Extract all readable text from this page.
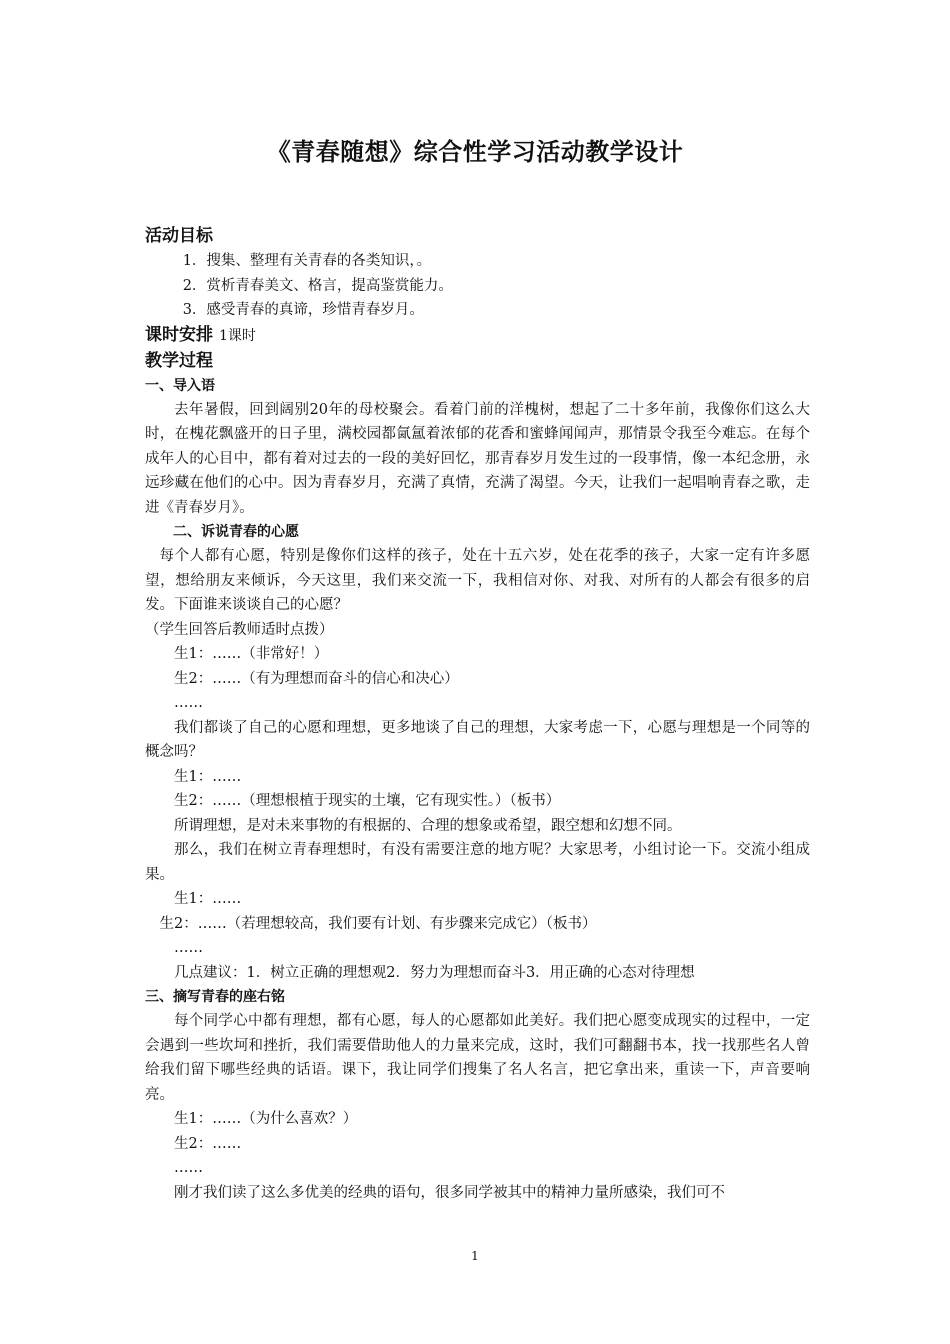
《青春随想》综合性学习活动教学设计
活动目标
1．搜集、整理有关青春的各类知识，。
2．赏析青春美文、格言，提高鉴赏能力。
3．感受青春的真谛，珍惜青春岁月。
课时安排 1课时
教学过程
一、导入语
去年暑假，回到阔别20年的母校聚会。看着门前的洋槐树，想起了二十多年前，我像你们这么大时，在槐花飘盛开的日子里，满校园都氤氲着浓郁的花香和蜜蜂闻闻声，那情景令我至今难忘。在每个成年人的心目中，都有着对过去的一段的美好回忆，那青春岁月发生过的一段事情，像一本纪念册，永远珍藏在他们的心中。因为青春岁月，充满了真情，充满了渴望。今天，让我们一起唱响青春之歌，走进《青春岁月》。
二、诉说青春的心愿
每个人都有心愿，特别是像你们这样的孩子，处在十五六岁，处在花季的孩子，大家一定有许多愿望，想给朋友来倾诉，今天这里，我们来交流一下，我相信对你、对我、对所有的人都会有很多的启发。下面谁来谈谈自己的心愿？
（学生回答后教师适时点拨）
生1：……（非常好！）
生2：……（有为理想而奋斗的信心和决心）
……
我们都谈了自己的心愿和理想，更多地谈了自己的理想，大家考虑一下，心愿与理想是一个同等的概念吗？
生1：……
生2：……（理想根植于现实的土壤，它有现实性。）（板书）
所谓理想，是对未来事物的有根据的、合理的想象或希望，跟空想和幻想不同。
那么，我们在树立青春理想时，有没有需要注意的地方呢？大家思考，小组讨论一下。交流小组成果。
生1：……
生2：……（若理想较高，我们要有计划、有步骤来完成它）（板书）
……
几点建议：1．树立正确的理想观2．努力为理想而奋斗3．用正确的心态对待理想
三、摘写青春的座右铭
每个同学心中都有理想，都有心愿，每人的心愿都如此美好。我们把心愿变成现实的过程中，一定会遇到一些坎坷和挫折，我们需要借助他人的力量来完成，这时，我们可翻翻书本，找一找那些名人曾给我们留下哪些经典的话语。课下，我让同学们搜集了名人名言，把它拿出来，重读一下，声音要响亮。
生1：……（为什么喜欢？）
生2：……
……
刚才我们读了这么多优美的经典的语句，很多同学被其中的精神力量所感染，我们可不
1
